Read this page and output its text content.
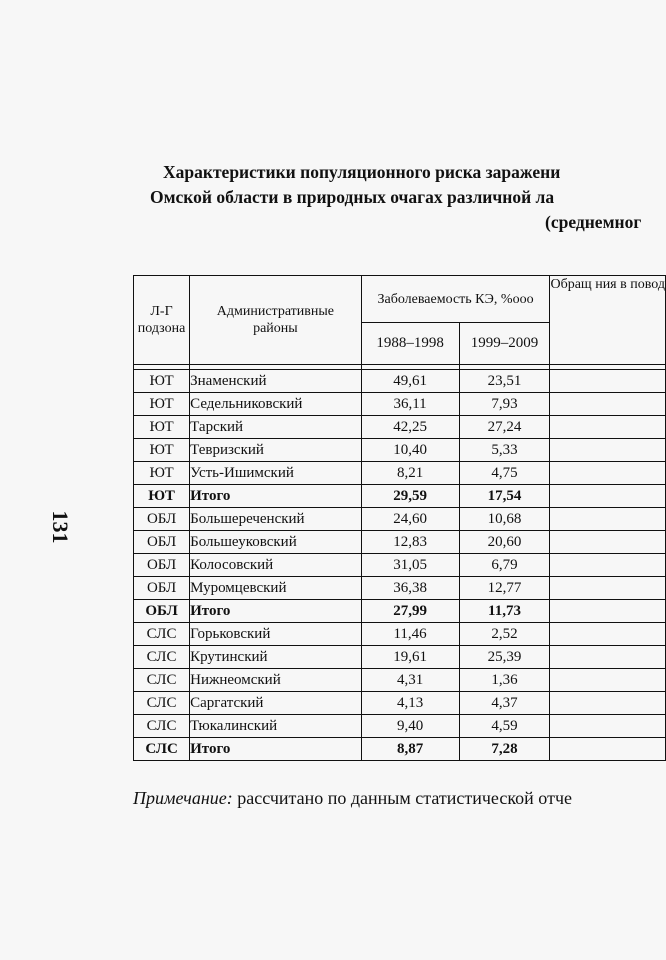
131
Характеристики популяционного риска заражени
Омской области в природных очагах различной ла
(среднемног
Л-Г подзона	Административные районы	Заболеваемость КЭ, %ooo		Обращ ния в повод
		1988–1998	1999–2009	

ЮТ	Знаменский	49,61	23,51	
ЮТ	Седельниковский	36,11	7,93	
ЮТ	Тарский	42,25	27,24	
ЮТ	Тевризский	10,40	5,33	
ЮТ	Усть-Ишимский	8,21	4,75	
ЮТ	Итого	29,59	17,54	
ОБЛ	Большереченский	24,60	10,68	
ОБЛ	Большеуковский	12,83	20,60	
ОБЛ	Колосовский	31,05	6,79	
ОБЛ	Муромцевский	36,38	12,77	
ОБЛ	Итого	27,99	11,73	
СЛС	Горьковский	11,46	2,52	
СЛС	Крутинский	19,61	25,39	
СЛС	Нижнеомский	4,31	1,36	
СЛС	Саргатский	4,13	4,37	
СЛС	Тюкалинский	9,40	4,59	
СЛС	Итого	8,87	7,28	
Примечание: рассчитано по данным статистической отче
